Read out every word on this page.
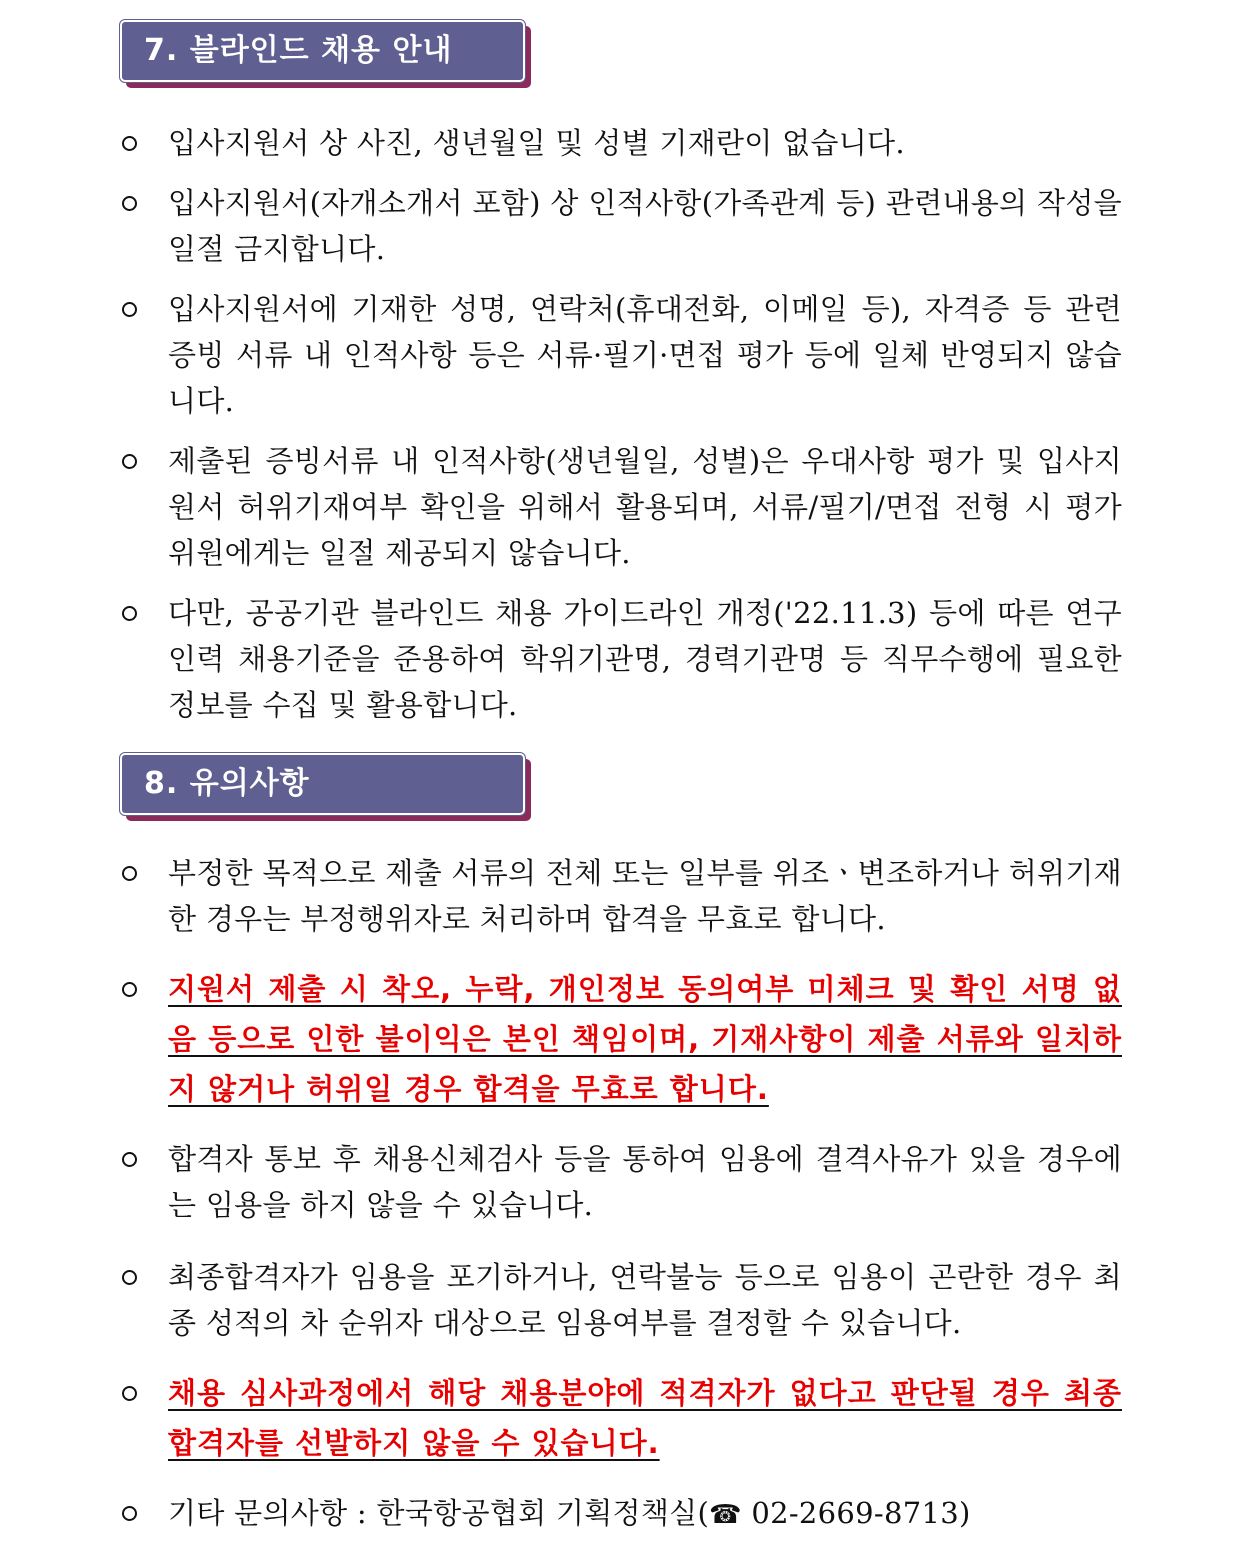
7. 블라인드 채용 안내
입사지원서 상 사진, 생년월일 및 성별 기재란이 없습니다.
입사지원서(자개소개서 포함) 상 인적사항(가족관계 등) 관련내용의 작성을 일절 금지합니다.
입사지원서에 기재한 성명, 연락처(휴대전화, 이메일 등), 자격증 등 관련 증빙 서류 내 인적사항 등은 서류·필기·면접 평가 등에 일체 반영되지 않습니다.
제출된 증빙서류 내 인적사항(생년월일, 성별)은 우대사항 평가 및 입사지원서 허위기재여부 확인을 위해서 활용되며, 서류/필기/면접 전형 시 평가위원에게는 일절 제공되지 않습니다.
다만, 공공기관 블라인드 채용 가이드라인 개정('22.11.3) 등에 따른 연구인력 채용기준을 준용하여 학위기관명, 경력기관명 등 직무수행에 필요한 정보를 수집 및 활용합니다.
8. 유의사항
부정한 목적으로 제출 서류의 전체 또는 일부를 위조ㆍ변조하거나 허위기재한 경우는 부정행위자로 처리하며 합격을 무효로 합니다.
지원서 제출 시 착오, 누락, 개인정보 동의여부 미체크 및 확인 서명 없음 등으로 인한 불이익은 본인 책임이며, 기재사항이 제출 서류와 일치하지 않거나 허위일 경우 합격을 무효로 합니다.
합격자 통보 후 채용신체검사 등을 통하여 임용에 결격사유가 있을 경우에는 임용을 하지 않을 수 있습니다.
최종합격자가 임용을 포기하거나, 연락불능 등으로 임용이 곤란한 경우 최종 성적의 차 순위자 대상으로 임용여부를 결정할 수 있습니다.
채용 심사과정에서 해당 채용분야에 적격자가 없다고 판단될 경우 최종합격자를 선발하지 않을 수 있습니다.
기타 문의사항 : 한국항공협회 기획정책실(☎ 02-2669-8713)
